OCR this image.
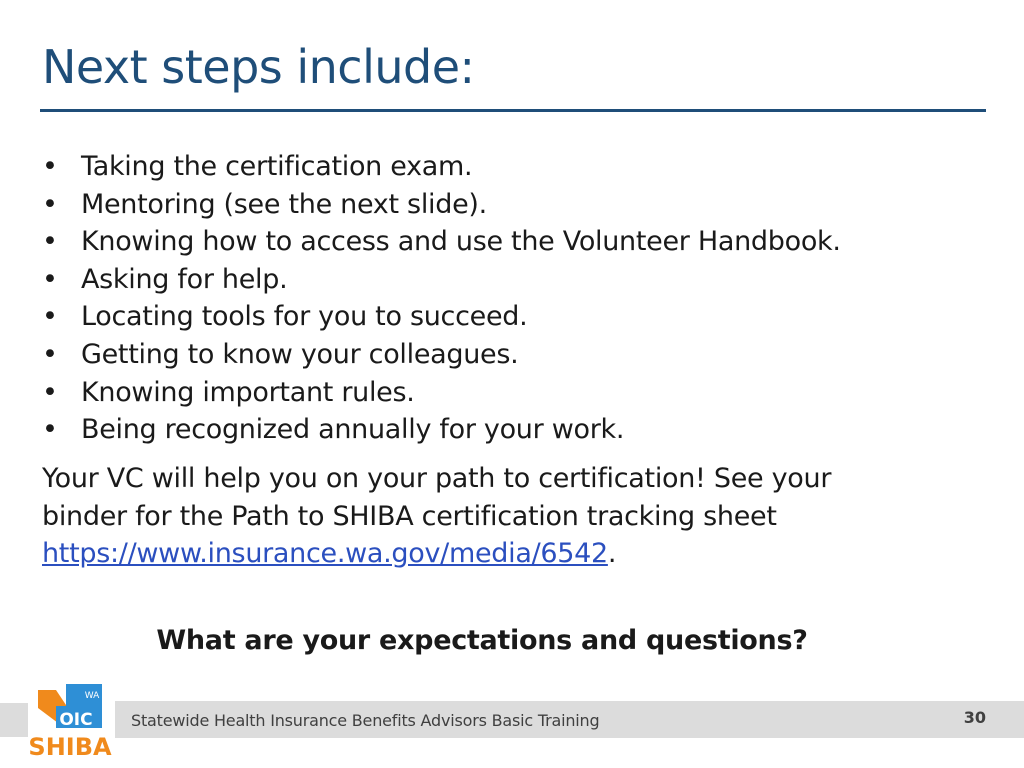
Next steps include:
• Taking the certification exam.
• Mentoring (see the next slide).
• Knowing how to access and use the Volunteer Handbook.
• Asking for help.
• Locating tools for you to succeed.
• Getting to know your colleagues.
• Knowing important rules.
• Being recognized annually for your work.
Your VC will help you on your path to certification! See your
binder for the Path to SHIBA certification tracking sheet
https://www.insurance.wa.gov/media/6542.
What are your expectations and questions?
Statewide Health Insurance Benefits Advisors Basic Training	30
WA
OIC
SHIBA
